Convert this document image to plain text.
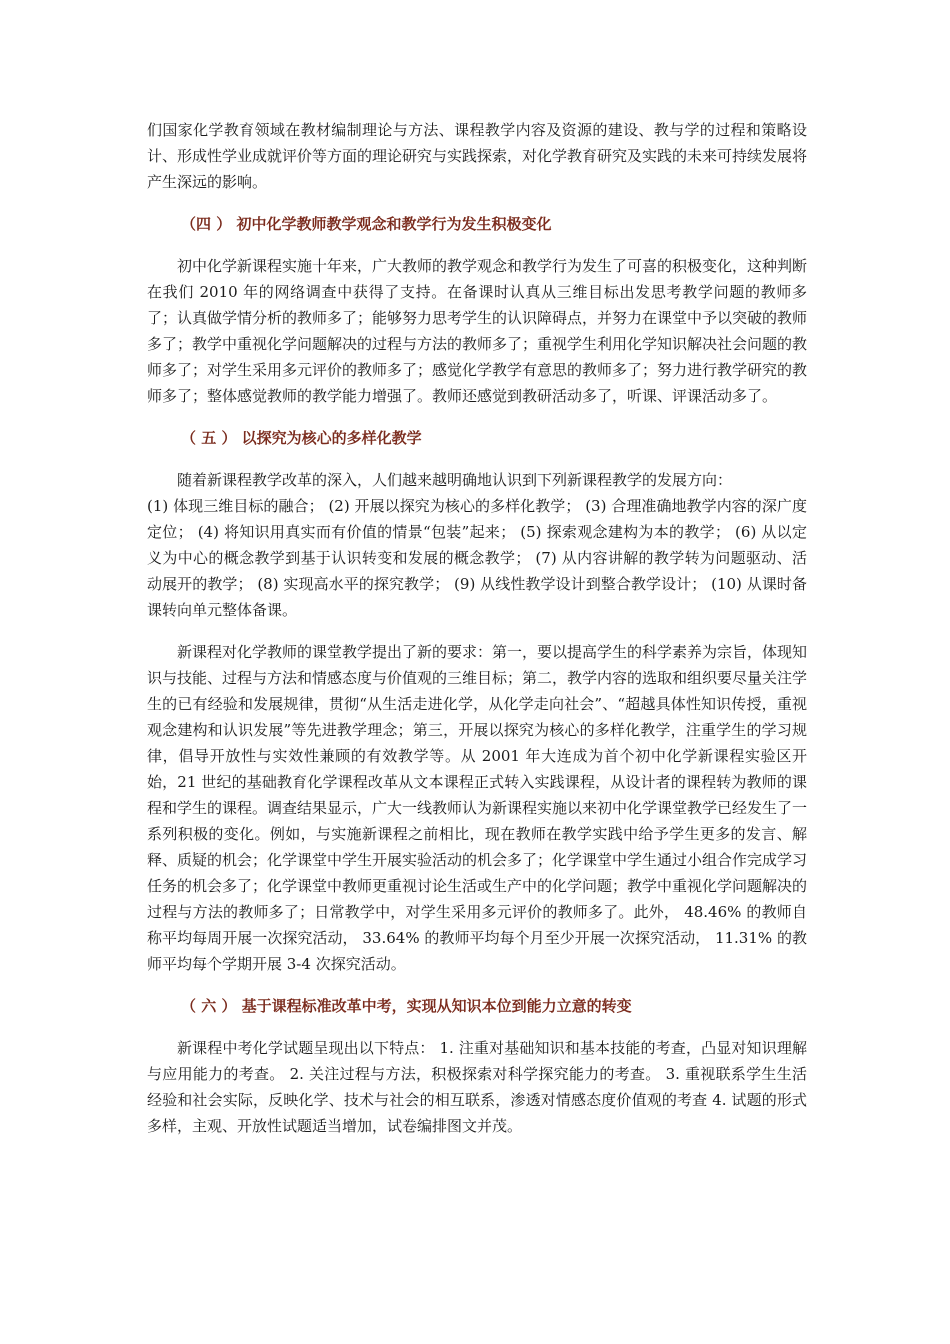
们国家化学教育领域在教材编制理论与方法、课程教学内容及资源的建设、教与学的过程和策略设计、形成性学业成就评价等方面的理论研究与实践探索，对化学教育研究及实践的未来可持续发展将产生深远的影响。

（四 ） 初中化学教师教学观念和教学行为发生积极变化

初中化学新课程实施十年来，广大教师的教学观念和教学行为发生了可喜的积极变化，这种判断在我们 2010 年的网络调查中获得了支持。在备课时认真从三维目标出发思考教学问题的教师多了；认真做学情分析的教师多了；能够努力思考学生的认识障碍点，并努力在课堂中予以突破的教师多了；教学中重视化学问题解决的过程与方法的教师多了；重视学生利用化学知识解决社会问题的教师多了；对学生采用多元评价的教师多了；感觉化学教学有意思的教师多了；努力进行教学研究的教师多了；整体感觉教师的教学能力增强了。教师还感觉到教研活动多了，听课、评课活动多了。

（ 五 ） 以探究为核心的多样化教学

随着新课程教学改革的深入，人们越来越明确地认识到下列新课程教学的发展方向：

(1) 体现三维目标的融合； (2) 开展以探究为核心的多样化教学； (3) 合理准确地教学内容的深广度定位； (4) 将知识用真实而有价值的情景“包装”起来； (5) 探索观念建构为本的教学； (6) 从以定义为中心的概念教学到基于认识转变和发展的概念教学； (7) 从内容讲解的教学转为问题驱动、活动展开的教学； (8) 实现高水平的探究教学； (9) 从线性教学设计到整合教学设计； (10) 从课时备课转向单元整体备课。

新课程对化学教师的课堂教学提出了新的要求：第一，要以提高学生的科学素养为宗旨，体现知识与技能、过程与方法和情感态度与价值观的三维目标；第二，教学内容的选取和组织要尽量关注学生的已有经验和发展规律，贯彻“从生活走进化学，从化学走向社会”、“超越具体性知识传授，重视观念建构和认识发展”等先进教学理念；第三，开展以探究为核心的多样化教学，注重学生的学习规律，倡导开放性与实效性兼顾的有效教学等。从 2001 年大连成为首个初中化学新课程实验区开始，21 世纪的基础教育化学课程改革从文本课程正式转入实践课程，从设计者的课程转为教师的课程和学生的课程。调查结果显示，广大一线教师认为新课程实施以来初中化学课堂教学已经发生了一系列积极的变化。例如，与实施新课程之前相比，现在教师在教学实践中给予学生更多的发言、解释、质疑的机会；化学课堂中学生开展实验活动的机会多了；化学课堂中学生通过小组合作完成学习任务的机会多了；化学课堂中教师更重视讨论生活或生产中的化学问题；教学中重视化学问题解决的过程与方法的教师多了；日常教学中，对学生采用多元评价的教师多了。此外， 48.46% 的教师自称平均每周开展一次探究活动， 33.64% 的教师平均每个月至少开展一次探究活动， 11.31% 的教师平均每个学期开展 3-4 次探究活动。

（ 六 ） 基于课程标准改革中考，实现从知识本位到能力立意的转变

新课程中考化学试题呈现出以下特点： 1. 注重对基础知识和基本技能的考查，凸显对知识理解与应用能力的考查。 2. 关注过程与方法，积极探索对科学探究能力的考查。 3. 重视联系学生生活经验和社会实际，反映化学、技术与社会的相互联系，渗透对情感态度价值观的考查 4. 试题的形式多样，主观、开放性试题适当增加，试卷编排图文并茂。
